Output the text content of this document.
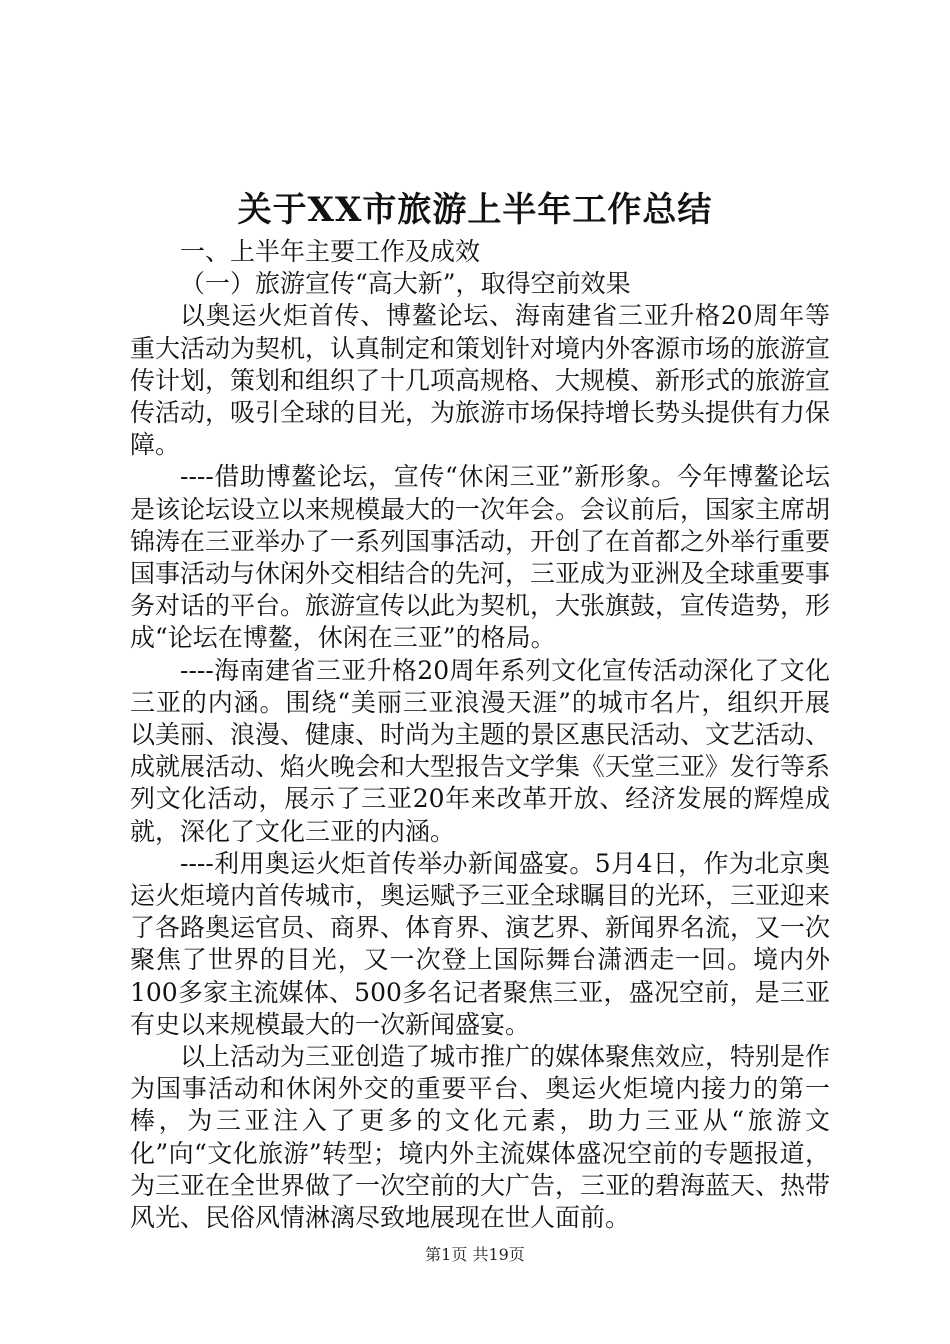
关于XX市旅游上半年工作总结

一、上半年主要工作及成效

（一）旅游宣传“高大新”，取得空前效果

以奥运火炬首传、博鳌论坛、海南建省三亚升格20周年等重大活动为契机，认真制定和策划针对境内外客源市场的旅游宣传计划，策划和组织了十几项高规格、大规模、新形式的旅游宣传活动，吸引全球的目光，为旅游市场保持增长势头提供有力保障。

----借助博鳌论坛，宣传“休闲三亚”新形象。今年博鳌论坛是该论坛设立以来规模最大的一次年会。会议前后，国家主席胡锦涛在三亚举办了一系列国事活动，开创了在首都之外举行重要国事活动与休闲外交相结合的先河，三亚成为亚洲及全球重要事务对话的平台。旅游宣传以此为契机，大张旗鼓，宣传造势，形成“论坛在博鳌，休闲在三亚”的格局。

----海南建省三亚升格20周年系列文化宣传活动深化了文化三亚的内涵。围绕“美丽三亚浪漫天涯”的城市名片，组织开展以美丽、浪漫、健康、时尚为主题的景区惠民活动、文艺活动、成就展活动、焰火晚会和大型报告文学集《天堂三亚》发行等系列文化活动，展示了三亚20年来改革开放、经济发展的辉煌成就，深化了文化三亚的内涵。

----利用奥运火炬首传举办新闻盛宴。5月4日，作为北京奥运火炬境内首传城市，奥运赋予三亚全球瞩目的光环，三亚迎来了各路奥运官员、商界、体育界、演艺界、新闻界名流，又一次聚焦了世界的目光，又一次登上国际舞台潇洒走一回。境内外100多家主流媒体、500多名记者聚焦三亚，盛况空前，是三亚有史以来规模最大的一次新闻盛宴。

以上活动为三亚创造了城市推广的媒体聚焦效应，特别是作为国事活动和休闲外交的重要平台、奥运火炬境内接力的第一棒，为三亚注入了更多的文化元素，助力三亚从“旅游文化”向“文化旅游”转型；境内外主流媒体盛况空前的专题报道，为三亚在全世界做了一次空前的大广告，三亚的碧海蓝天、热带风光、民俗风情淋漓尽致地展现在世人面前。

第1页 共19页
